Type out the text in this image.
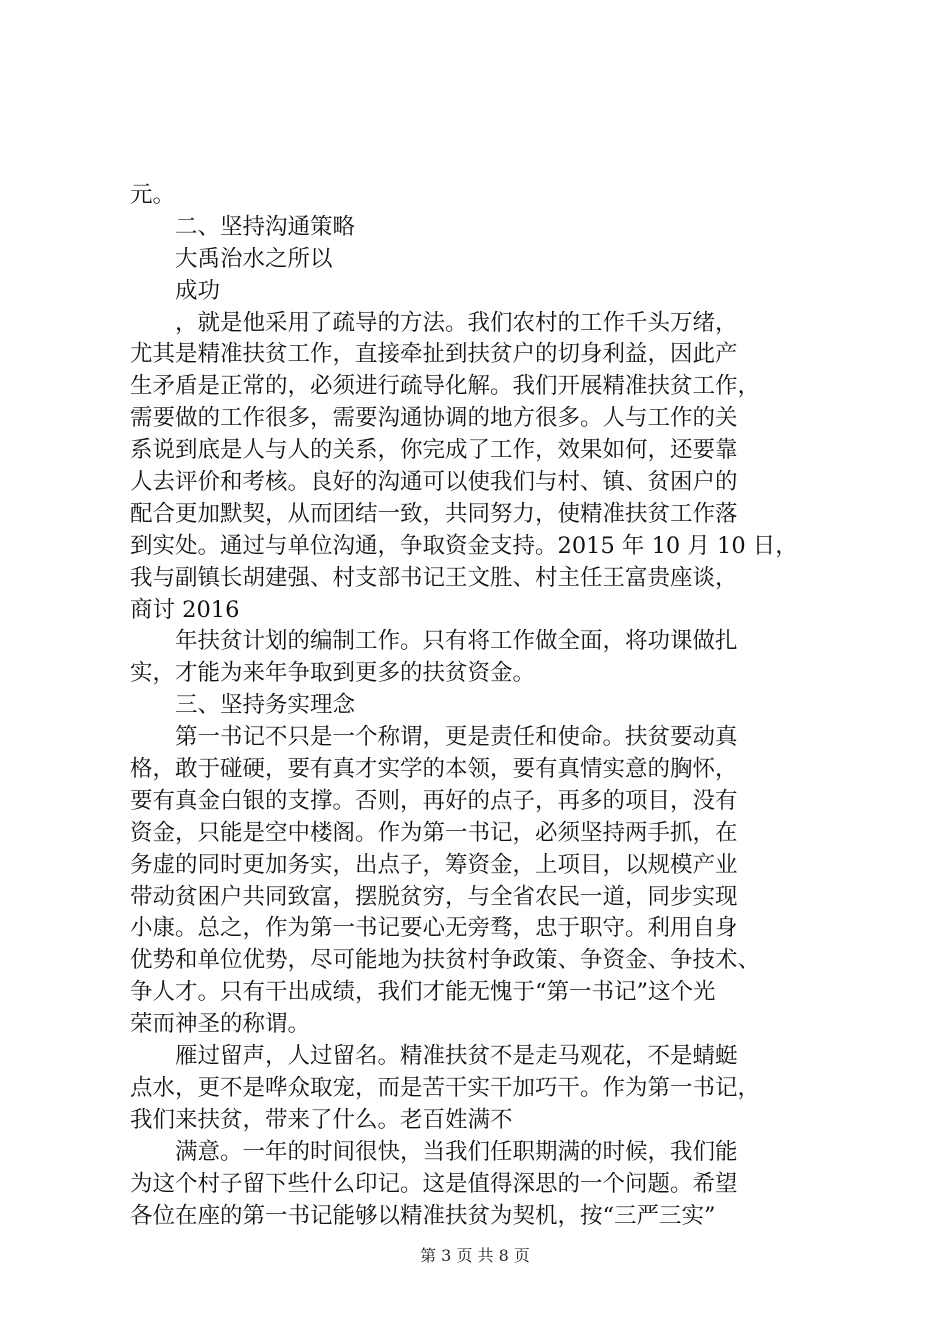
元。
　　二、坚持沟通策略
　　大禹治水之所以
　　成功
　　，就是他采用了疏导的方法。我们农村的工作千头万绪，
尤其是精准扶贫工作，直接牵扯到扶贫户的切身利益，因此产
生矛盾是正常的，必须进行疏导化解。我们开展精准扶贫工作，
需要做的工作很多，需要沟通协调的地方很多。人与工作的关
系说到底是人与人的关系，你完成了工作，效果如何，还要靠
人去评价和考核。良好的沟通可以使我们与村、镇、贫困户的
配合更加默契，从而团结一致，共同努力，使精准扶贫工作落
到实处。通过与单位沟通，争取资金支持。2015 年 10 月 10 日，
我与副镇长胡建强、村支部书记王文胜、村主任王富贵座谈，
商讨 2016
　　年扶贫计划的编制工作。只有将工作做全面，将功课做扎
实，才能为来年争取到更多的扶贫资金。
　　三、坚持务实理念
　　第一书记不只是一个称谓，更是责任和使命。扶贫要动真
格，敢于碰硬，要有真才实学的本领，要有真情实意的胸怀，
要有真金白银的支撑。否则，再好的点子，再多的项目，没有
资金，只能是空中楼阁。作为第一书记，必须坚持两手抓，在
务虚的同时更加务实，出点子，筹资金，上项目，以规模产业
带动贫困户共同致富，摆脱贫穷，与全省农民一道，同步实现
小康。总之，作为第一书记要心无旁骛，忠于职守。利用自身
优势和单位优势，尽可能地为扶贫村争政策、争资金、争技术、
争人才。只有干出成绩，我们才能无愧于“第一书记”这个光
荣而神圣的称谓。
　　雁过留声，人过留名。精准扶贫不是走马观花，不是蜻蜓
点水，更不是哗众取宠，而是苦干实干加巧干。作为第一书记，
我们来扶贫，带来了什么。老百姓满不
　　满意。一年的时间很快，当我们任职期满的时候，我们能
为这个村子留下些什么印记。这是值得深思的一个问题。希望
各位在座的第一书记能够以精准扶贫为契机，按“三严三实”
第 3 页 共 8 页
